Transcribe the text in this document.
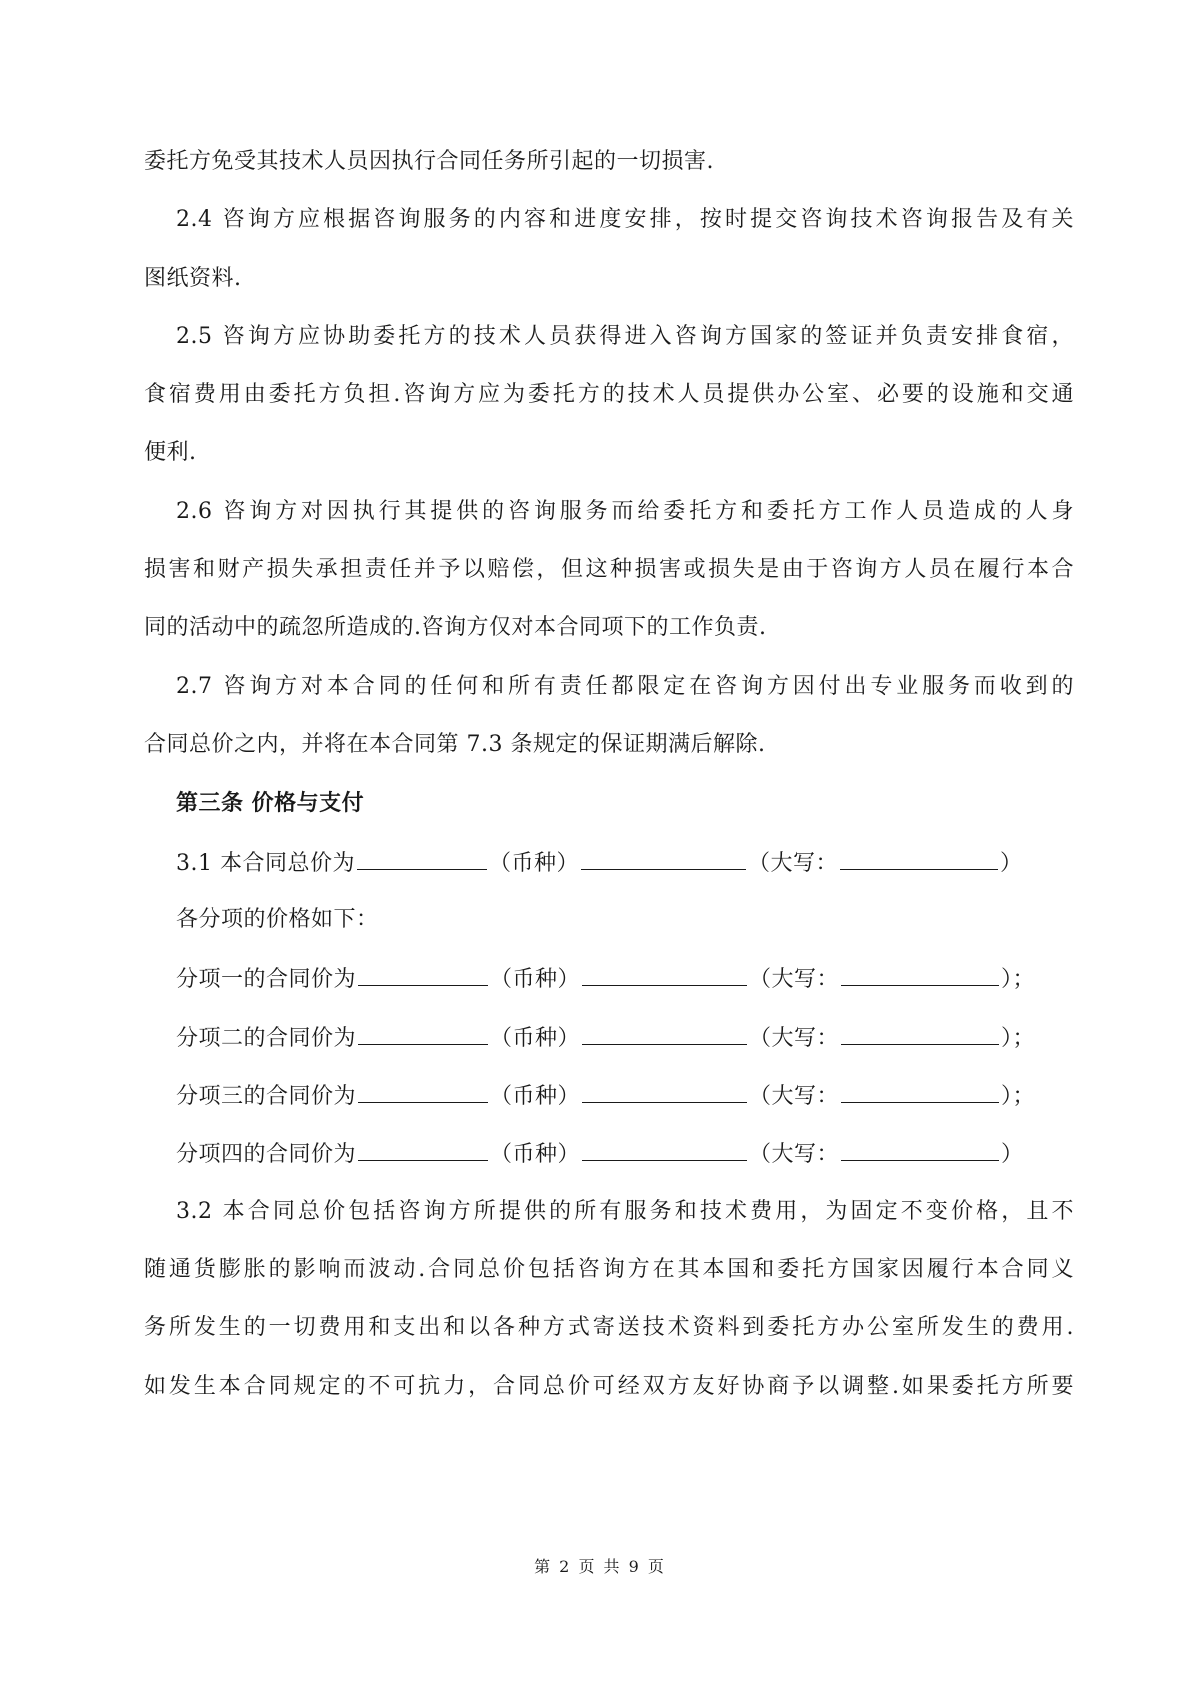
委托方免受其技术人员因执行合同任务所引起的一切损害.
2.4 咨询方应根据咨询服务的内容和进度安排，按时提交咨询技术咨询报告及有关
图纸资料.
2.5 咨询方应协助委托方的技术人员获得进入咨询方国家的签证并负责安排食宿，
食宿费用由委托方负担.咨询方应为委托方的技术人员提供办公室、必要的设施和交通
便利.
2.6 咨询方对因执行其提供的咨询服务而给委托方和委托方工作人员造成的人身
损害和财产损失承担责任并予以赔偿，但这种损害或损失是由于咨询方人员在履行本合
同的活动中的疏忽所造成的.咨询方仅对本合同项下的工作负责.
2.7 咨询方对本合同的任何和所有责任都限定在咨询方因付出专业服务而收到的
合同总价之内，并将在本合同第 7.3 条规定的保证期满后解除.
第三条 价格与支付
3.1 本合同总价为	（币种）	（大写：	）
各分项的价格如下：
分项一的合同价为	（币种）	（大写：	）；
分项二的合同价为	（币种）	（大写：	）；
分项三的合同价为	（币种）	（大写：	）；
分项四的合同价为	（币种）	（大写：	）
3.2 本合同总价包括咨询方所提供的所有服务和技术费用，为固定不变价格，且不
随通货膨胀的影响而波动.合同总价包括咨询方在其本国和委托方国家因履行本合同义
务所发生的一切费用和支出和以各种方式寄送技术资料到委托方办公室所发生的费用.
如发生本合同规定的不可抗力，合同总价可经双方友好协商予以调整.如果委托方所要
第 2 页 共 9 页
